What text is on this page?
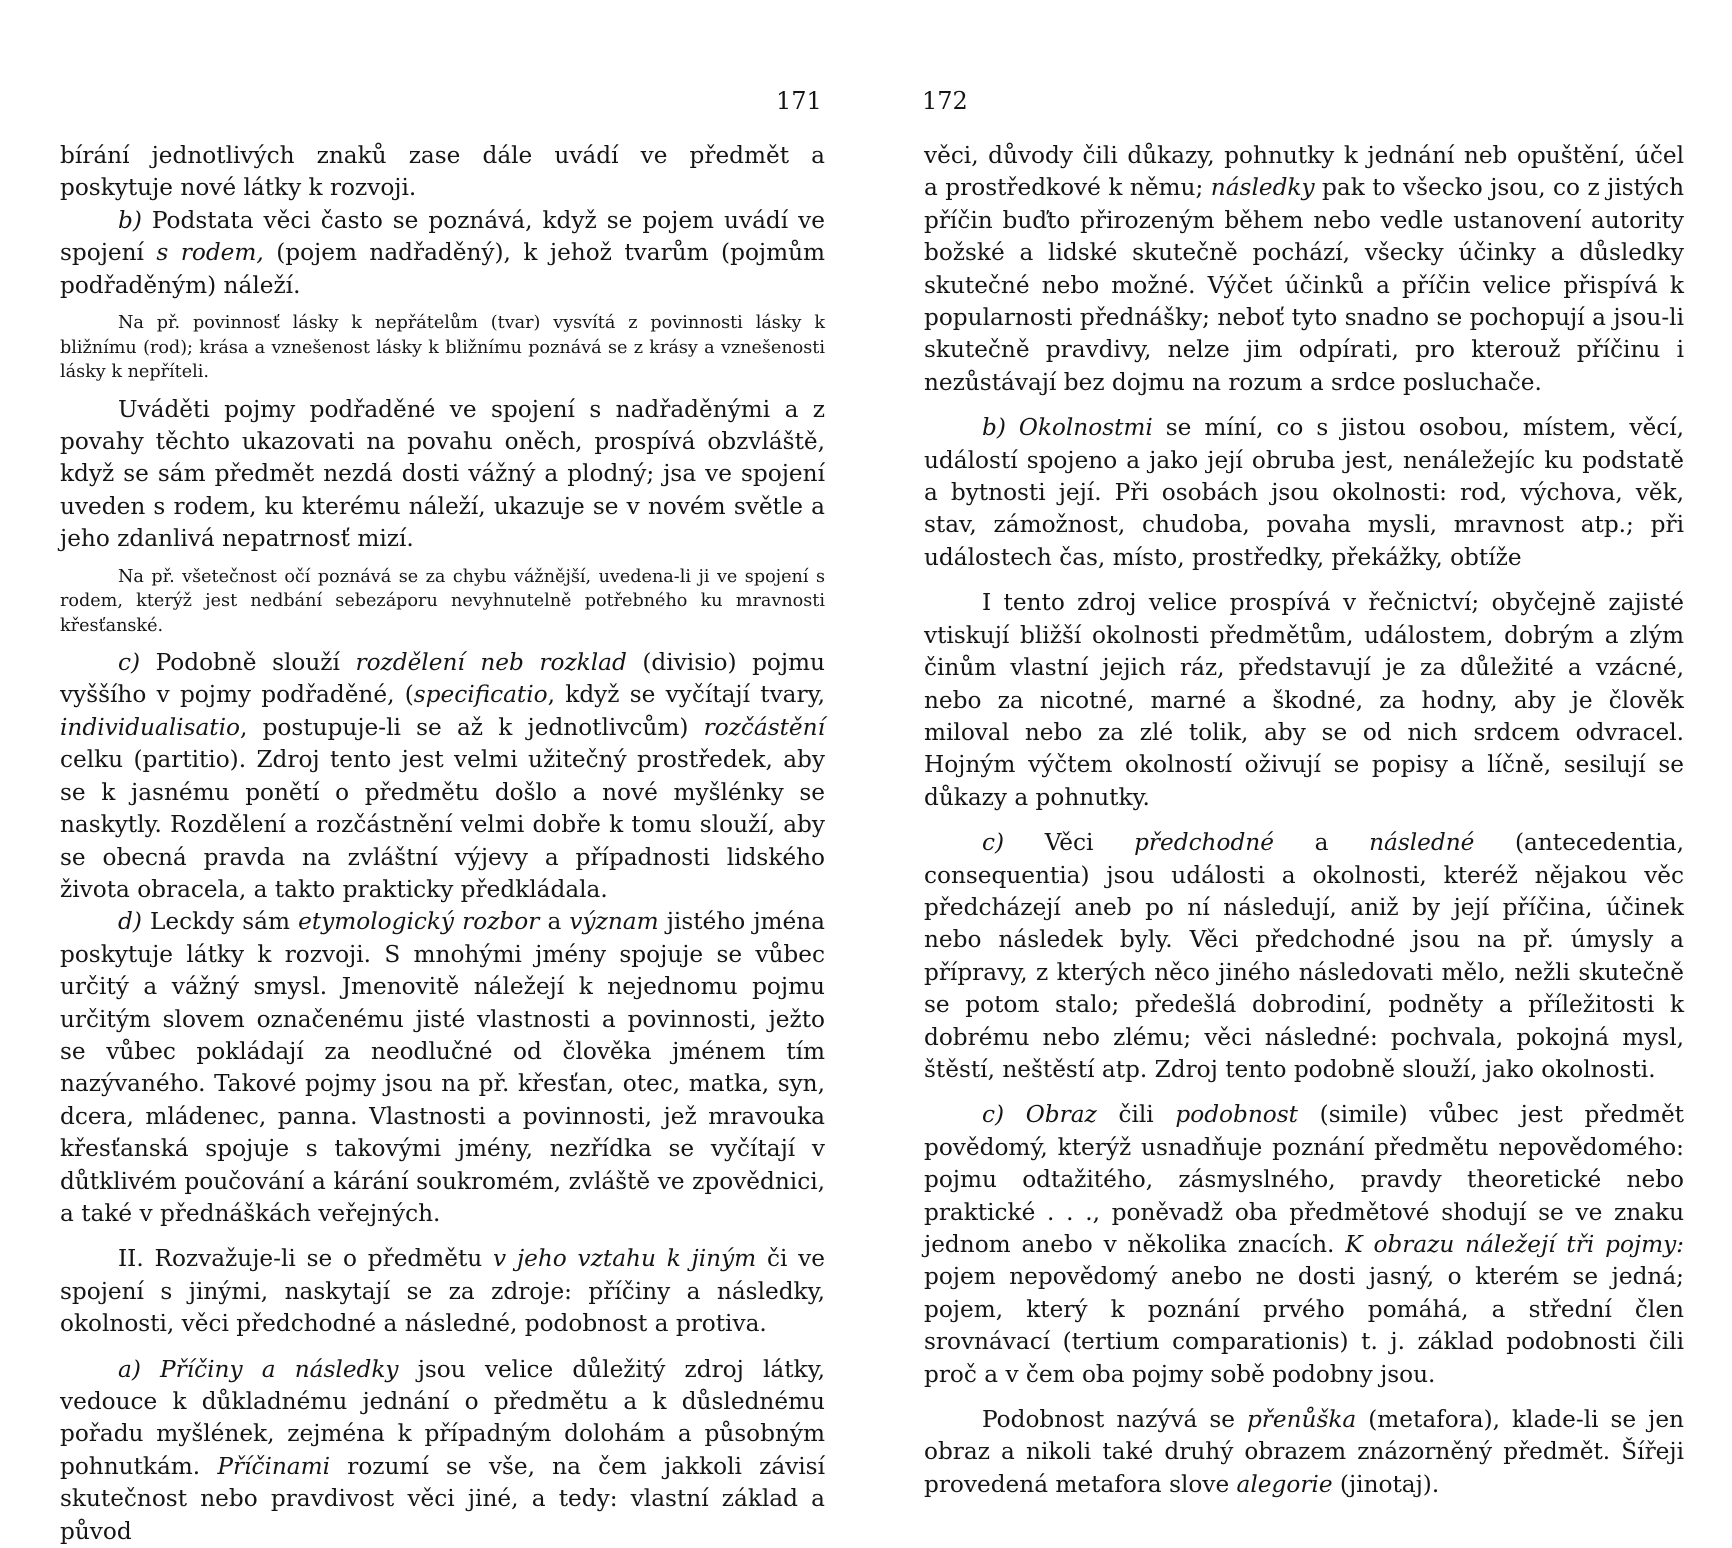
171

bírání jednotlivých znaků zase dále uvádí ve předmět a poskytuje nové látky k rozvoji.

b) Podstata věci často se poznává, když se pojem uvádí ve spojení s rodem, (pojem nadřaděný), k jehož tvarům (pojmům podřaděným) náleží.

Na př. povinnosť lásky k nepřátelům (tvar) vysvítá z povinnosti lásky k bližnímu (rod); krása a vznešenost lásky k bližnímu poznává se z krásy a vznešenosti lásky k nepříteli.

Uváděti pojmy podřaděné ve spojení s nadřaděnými a z povahy těchto ukazovati na povahu oněch, prospívá obzvláště, když se sám předmět nezdá dosti vážný a plodný; jsa ve spojení uveden s rodem, ku kterému náleží, ukazuje se v novém světle a jeho zdanlivá nepatrnosť mizí.

Na př. všetečnost očí poznává se za chybu vážnější, uvedena-li ji ve spojení s rodem, kterýž jest nedbání sebezáporu nevyhnutelně potřebného ku mravnosti křesťanské.

c) Podobně slouží rozdělení neb rozklad (divisio) pojmu vyššího v pojmy podřaděné, (specificatio, když se vyčítají tvary, individualisatio, postupuje-li se až k jednotlivcům) rozčástění celku (partitio). Zdroj tento jest velmi užitečný prostředek, aby se k jasnému ponětí o předmětu došlo a nové myšlénky se naskytly. Rozdělení a rozčástnění velmi dobře k tomu slouží, aby se obecná pravda na zvláštní výjevy a případnosti lidského života obracela, a takto prakticky předkládala.

d) Leckdy sám etymologický rozbor a význam jistého jména poskytuje látky k rozvoji. S mnohými jmény spojuje se vůbec určitý a vážný smysl. Jmenovitě náležejí k nejednomu pojmu určitým slovem označenému jisté vlastnosti a povinnosti, ježto se vůbec pokládají za neodlučné od člověka jménem tím nazývaného. Takové pojmy jsou na př. křesťan, otec, matka, syn, dcera, mládenec, panna. Vlastnosti a povinnosti, jež mravouka křesťanská spojuje s takovými jmény, nezřídka se vyčítají v důtklivém poučování a kárání soukromém, zvláště ve zpovědnici, a také v přednáškách veřejných.

II. Rozvažuje-li se o předmětu v jeho vztahu k jiným či ve spojení s jinými, naskytají se za zdroje: příčiny a následky, okolnosti, věci předchodné a následné, podobnost a protiva.

a) Příčiny a následky jsou velice důležitý zdroj látky, vedouce k důkladnému jednání o předmětu a k důslednému pořadu myšlének, zejména k případným dolohám a působným pohnutkám. Příčinami rozumí se vše, na čem jakkoli závisí skutečnost nebo pravdivost věci jiné, a tedy: vlastní základ a původ

172

věci, důvody čili důkazy, pohnutky k jednání neb opuštění, účel a prostředkové k němu; následky pak to všecko jsou, co z jistých příčin buďto přirozeným během nebo vedle ustanovení autority božské a lidské skutečně pochází, všecky účinky a důsledky skutečné nebo možné. Výčet účinků a příčin velice přispívá k popularnosti přednášky; neboť tyto snadno se pochopují a jsou-li skutečně pravdivy, nelze jim odpírati, pro kterouž příčinu i nezůstávají bez dojmu na rozum a srdce posluchače.

b) Okolnostmi se míní, co s jistou osobou, místem, věcí, událostí spojeno a jako její obruba jest, nenáležejíc ku podstatě a bytnosti její. Při osobách jsou okolnosti: rod, výchova, věk, stav, zámožnost, chudoba, povaha mysli, mravnost atp.; při událostech čas, místo, prostředky, překážky, obtíže

I tento zdroj velice prospívá v řečnictví; obyčejně zajisté vtiskují bližší okolnosti předmětům, událostem, dobrým a zlým činům vlastní jejich ráz, představují je za důležité a vzácné, nebo za nicotné, marné a škodné, za hodny, aby je člověk miloval nebo za zlé tolik, aby se od nich srdcem odvracel. Hojným výčtem okolností oživují se popisy a líčně, sesilují se důkazy a pohnutky.

c) Věci předchodné a následné (antecedentia, consequentia) jsou události a okolnosti, kteréž nějakou věc předcházejí aneb po ní následují, aniž by její příčina, účinek nebo následek byly. Věci předchodné jsou na př. úmysly a přípravy, z kterých něco jiného následovati mělo, nežli skutečně se potom stalo; předešlá dobrodiní, podněty a příležitosti k dobrému nebo zlému; věci následné: pochvala, pokojná mysl, štěstí, neštěstí atp. Zdroj tento podobně slouží, jako okolnosti.

c) Obraz čili podobnost (simile) vůbec jest předmět povědomý, kterýž usnadňuje poznání předmětu nepovědomého: pojmu odtažitého, zásmyslného, pravdy theoretické nebo praktické . . ., poněvadž oba předmětové shodují se ve znaku jednom anebo v několika znacích. K obrazu náležejí tři pojmy: pojem nepovědomý anebo ne dosti jasný, o kterém se jedná; pojem, který k poznání prvého pomáhá, a střední člen srovnávací (tertium comparationis) t. j. základ podobnosti čili proč a v čem oba pojmy sobě podobny jsou.

Podobnost nazývá se přenůška (metafora), klade-li se jen obraz a nikoli také druhý obrazem znázorněný předmět. Šířeji provedená metafora slove alegorie (jinotaj).
